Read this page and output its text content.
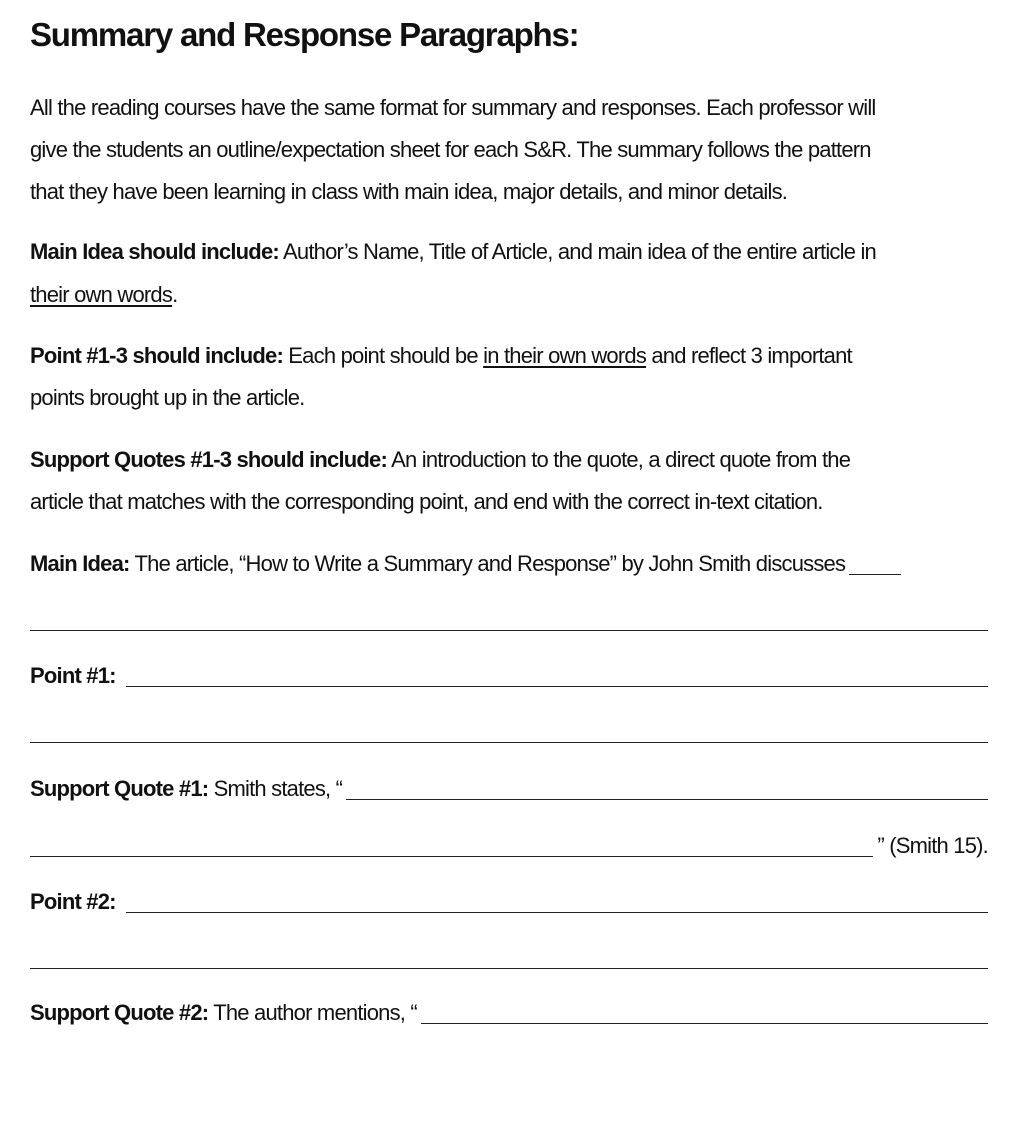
Summary and Response Paragraphs:
All the reading courses have the same format for summary and responses. Each professor will
give the students an outline/expectation sheet for each S&R. The summary follows the pattern
that they have been learning in class with main idea, major details, and minor details.
Main Idea should include: Author’s Name, Title of Article, and main idea of the entire article in
their own words .
Point #1-3 should include: Each point should be in their own words and reflect 3 important
points brought up in the article.
Support Quotes #1-3 should include: An introduction to the quote, a direct quote from the
article that matches with the corresponding point, and end with the correct in-text citation.
Main Idea: The article, “How to Write a Summary and Response” by John Smith discusses
Point #1:
Support Quote #1: Smith states, “
” (Smith 15).
Point #2:
Support Quote #2: The author mentions, “
